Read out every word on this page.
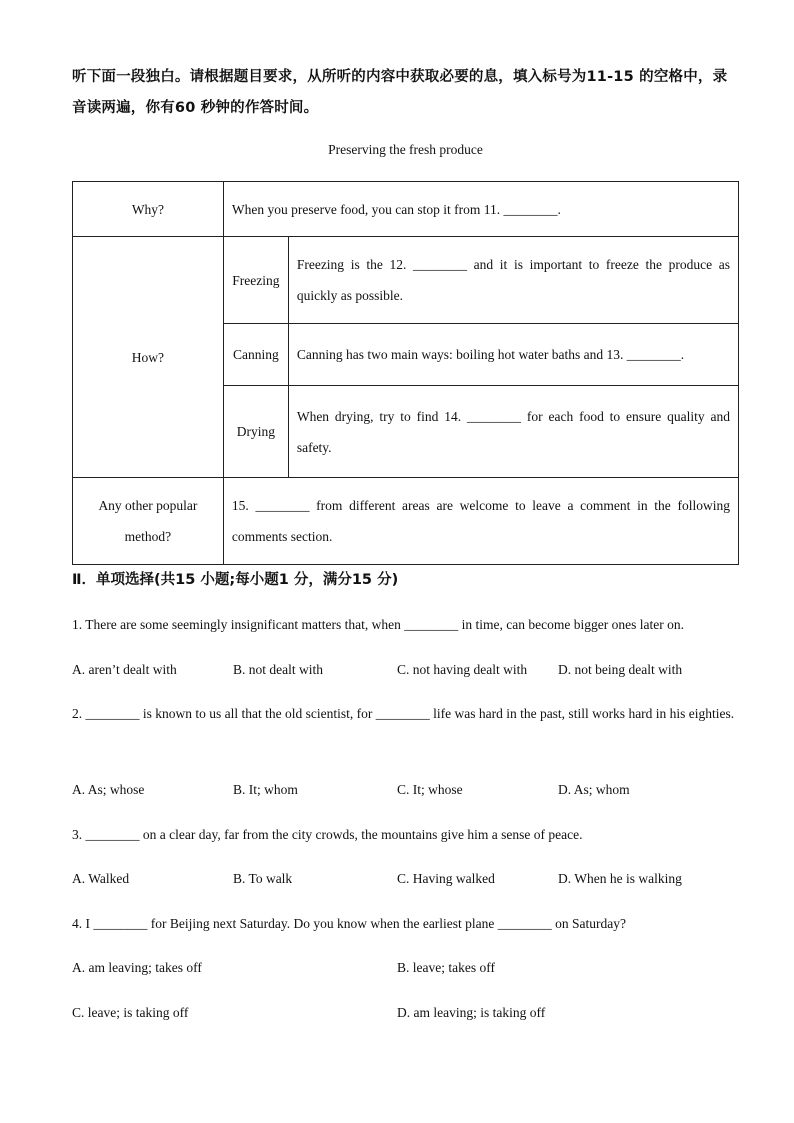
听下面一段独白。请根据题目要求，从所听的内容中获取必要的息，填入标号为11-15 的空格中，录音读两遍，你有60 秒钟的作答时间。
Preserving the fresh produce
Why?	When you preserve food, you can stop it from 11. ________.	
How?	Freezing	Freezing is the 12. ________ and it is important to freeze the produce as quickly as possible.
	Canning	Canning has two main ways: boiling hot water baths and 13. ________.
	Drying	When drying, try to find 14. ________ for each food to ensure quality and safety.
Any other popular method?	15. ________ from different areas are welcome to leave a comment in the following comments section.	
Ⅱ．单项选择(共15 小题;每小题1 分，满分15 分)
1. There are some seemingly insignificant matters that, when ________ in time, can become bigger ones later on.
A. aren’t dealt with	B. not dealt with	C. not having dealt with D. not being dealt with
2. ________ is known to us all that the old scientist, for ________ life was hard in the past, still works hard in his eighties.
A. As; whose	B. It; whom	C. It; whose	D. As; whom
3. ________ on a clear day, far from the city crowds, the mountains give him a sense of peace.
A. Walked	B. To walk	C. Having walked	D. When he is walking
4. I ________ for Beijing next Saturday. Do you know when the earliest plane ________ on Saturday?
A. am leaving; takes off	B. leave; takes off
C. leave; is taking off	D. am leaving; is taking off
